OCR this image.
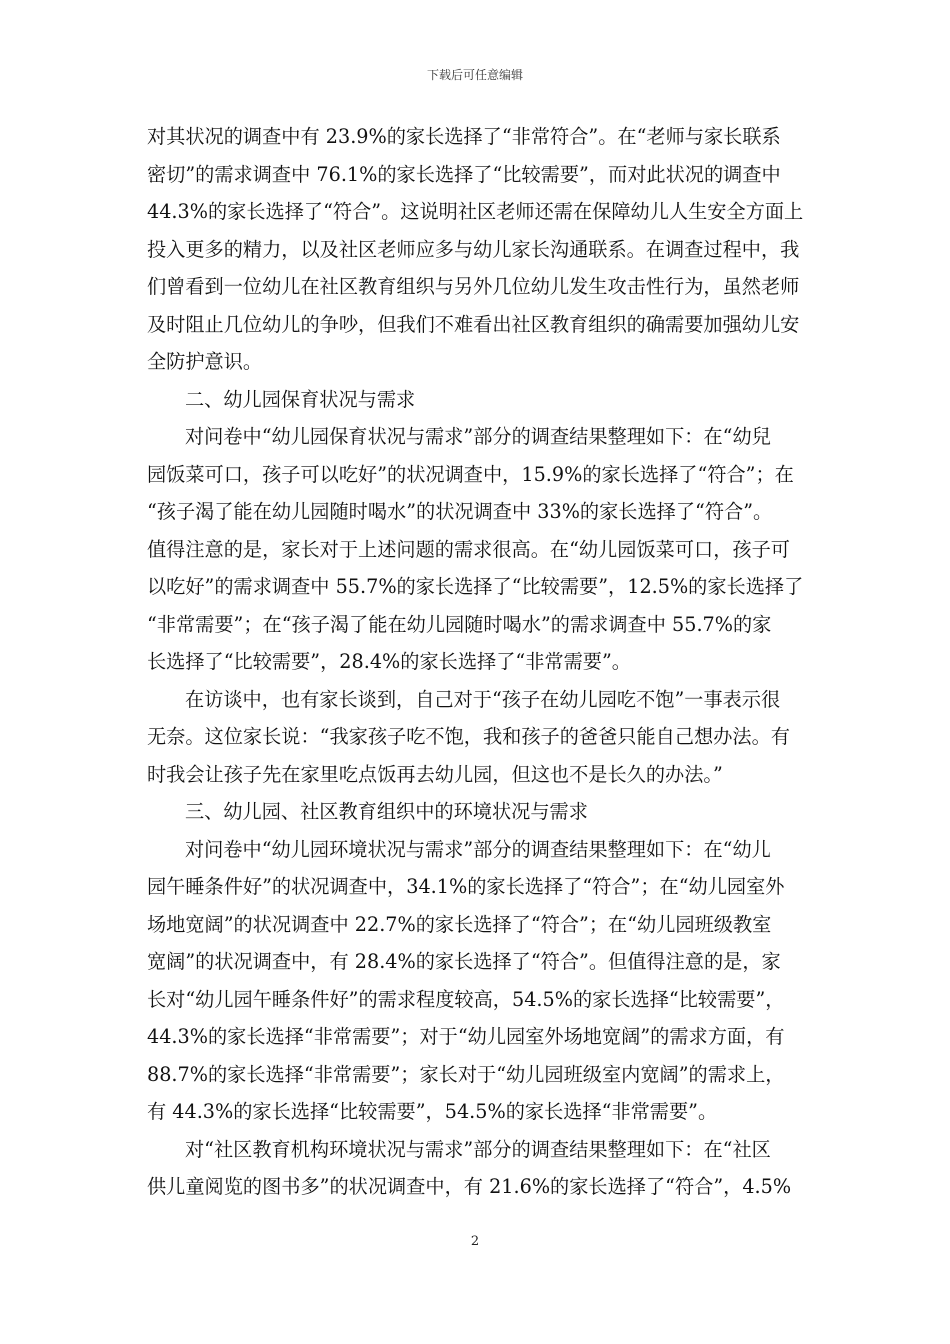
下载后可任意编辑
对其状况的调查中有 23.9%的家长选择了“非常符合”。在“老师与家长联系
密切”的需求调查中 76.1%的家长选择了“比较需要”，而对此状况的调查中
44.3%的家长选择了“符合”。这说明社区老师还需在保障幼儿人生安全方面上
投入更多的精力，以及社区老师应多与幼儿家长沟通联系。在调查过程中，我
们曾看到一位幼儿在社区教育组织与另外几位幼儿发生攻击性行为，虽然老师
及时阻止几位幼儿的争吵，但我们不难看出社区教育组织的确需要加强幼儿安
全防护意识。
二、幼儿园保育状况与需求
对问卷中“幼儿园保育状况与需求”部分的调查结果整理如下：在“幼兒
园饭菜可口，孩子可以吃好”的状况调查中，15.9%的家长选择了“符合”；在
“孩子渴了能在幼儿园随时喝水”的状况调查中 33%的家长选择了“符合”。
值得注意的是，家长对于上述问题的需求很高。在“幼儿园饭菜可口，孩子可
以吃好”的需求调查中 55.7%的家长选择了“比较需要”，12.5%的家长选择了
“非常需要”；在“孩子渴了能在幼儿园随时喝水”的需求调查中 55.7%的家
长选择了“比较需要”，28.4%的家长选择了“非常需要”。
在访谈中，也有家长谈到，自己对于“孩子在幼儿园吃不饱”一事表示很
无奈。这位家长说：“我家孩子吃不饱，我和孩子的爸爸只能自己想办法。有
时我会让孩子先在家里吃点饭再去幼儿园，但这也不是长久的办法。”
三、幼儿园、社区教育组织中的环境状况与需求
对问卷中“幼儿园环境状况与需求”部分的调查结果整理如下：在“幼儿
园午睡条件好”的状况调查中，34.1%的家长选择了“符合”；在“幼儿园室外
场地宽阔”的状况调查中 22.7%的家长选择了“符合”；在“幼儿园班级教室
宽阔”的状况调查中，有 28.4%的家长选择了“符合”。但值得注意的是，家
长对“幼儿园午睡条件好”的需求程度较高，54.5%的家长选择“比较需要”，
44.3%的家长选择“非常需要”；对于“幼儿园室外场地宽阔”的需求方面，有
88.7%的家长选择“非常需要”；家长对于“幼儿园班级室内宽阔”的需求上，
有 44.3%的家长选择“比较需要”，54.5%的家长选择“非常需要”。
对“社区教育机构环境状况与需求”部分的调查结果整理如下：在“社区
供儿童阅览的图书多”的状况调查中，有 21.6%的家长选择了“符合”，4.5%
2
